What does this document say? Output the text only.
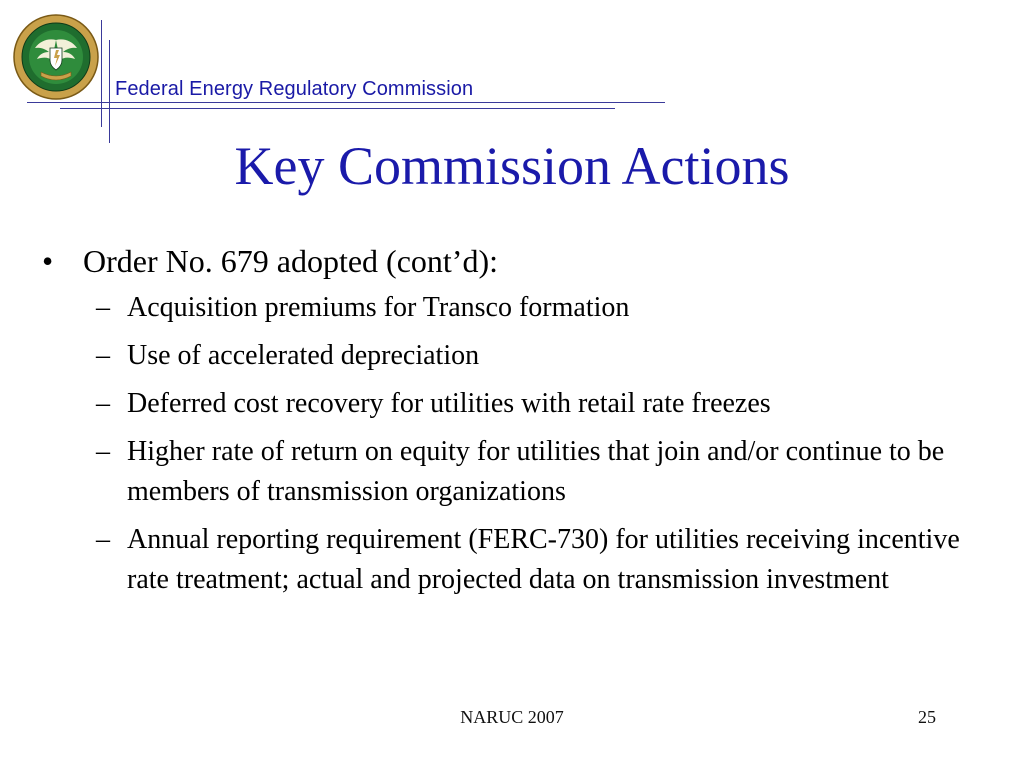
Federal Energy Regulatory Commission
Key Commission Actions
• Order No. 679 adopted (cont’d):
– Acquisition premiums for Transco formation
– Use of accelerated depreciation
– Deferred cost recovery for utilities with retail rate freezes
– Higher rate of return on equity for utilities that join and/or continue to be members of transmission organizations
– Annual reporting requirement (FERC-730) for utilities receiving incentive rate treatment; actual and projected data on transmission investment
NARUC 2007	25
